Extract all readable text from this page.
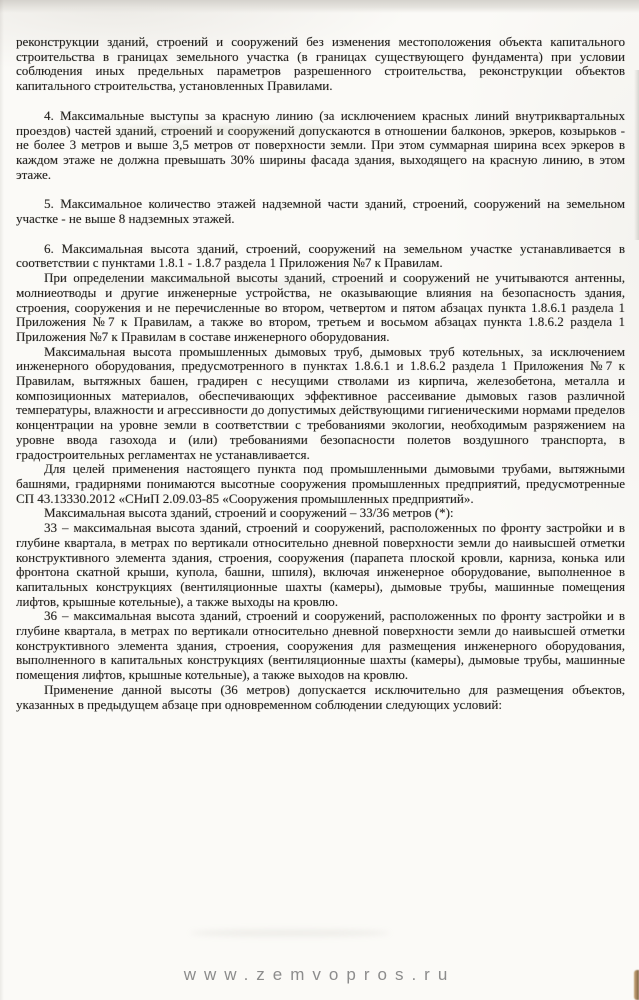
реконструкции зданий, строений и сооружений без изменения местоположения объекта капитального строительства в границах земельного участка (в границах существующего фундамента) при условии соблюдения иных предельных параметров разрешенного строительства, реконструкции объектов капитального строительства, установленных Правилами.

4. Максимальные выступы за красную линию (за исключением красных линий внутриквартальных проездов) частей зданий, строений и сооружений допускаются в отношении балконов, эркеров, козырьков - не более 3 метров и выше 3,5 метров от поверхности земли. При этом суммарная ширина всех эркеров в каждом этаже не должна превышать 30% ширины фасада здания, выходящего на красную линию, в этом этаже.

5. Максимальное количество этажей надземной части зданий, строений, сооружений на земельном участке - не выше 8 надземных этажей.

6. Максимальная высота зданий, строений, сооружений на земельном участке устанавливается в соответствии с пунктами 1.8.1 - 1.8.7 раздела 1 Приложения №7 к Правилам.

При определении максимальной высоты зданий, строений и сооружений не учитываются антенны, молниеотводы и другие инженерные устройства, не оказывающие влияния на безопасность здания, строения, сооружения и не перечисленные во втором, четвертом и пятом абзацах пункта 1.8.6.1 раздела 1 Приложения №7 к Правилам, а также во втором, третьем и восьмом абзацах пункта 1.8.6.2 раздела 1 Приложения №7 к Правилам в составе инженерного оборудования.

Максимальная высота промышленных дымовых труб, дымовых труб котельных, за исключением инженерного оборудования, предусмотренного в пунктах 1.8.6.1 и 1.8.6.2 раздела 1 Приложения №7 к Правилам, вытяжных башен, градирен с несущими стволами из кирпича, железобетона, металла и композиционных материалов, обеспечивающих эффективное рассеивание дымовых газов различной температуры, влажности и агрессивности до допустимых действующими гигиеническими нормами пределов концентрации на уровне земли в соответствии с требованиями экологии, необходимым разряжением на уровне ввода газохода и (или) требованиями безопасности полетов воздушного транспорта, в градостроительных регламентах не устанавливается.

Для целей применения настоящего пункта под промышленными дымовыми трубами, вытяжными башнями, градирнями понимаются высотные сооружения промышленных предприятий, предусмотренные СП 43.13330.2012 «СНиП 2.09.03-85 «Сооружения промышленных предприятий».

Максимальная высота зданий, строений и сооружений – 33/36 метров (*):

33 – максимальная высота зданий, строений и сооружений, расположенных по фронту застройки и в глубине квартала, в метрах по вертикали относительно дневной поверхности земли до наивысшей отметки конструктивного элемента здания, строения, сооружения (парапета плоской кровли, карниза, конька или фронтона скатной крыши, купола, башни, шпиля), включая инженерное оборудование, выполненное в капитальных конструкциях (вентиляционные шахты (камеры), дымовые трубы, машинные помещения лифтов, крышные котельные), а также выходы на кровлю.

36 – максимальная высота зданий, строений и сооружений, расположенных по фронту застройки и в глубине квартала, в метрах по вертикали относительно дневной поверхности земли до наивысшей отметки конструктивного элемента здания, строения, сооружения для размещения инженерного оборудования, выполненного в капитальных конструкциях (вентиляционные шахты (камеры), дымовые трубы, машинные помещения лифтов, крышные котельные), а также выходов на кровлю.

Применение данной высоты (36 метров) допускается исключительно для размещения объектов, указанных в предыдущем абзаце при одновременном соблюдении следующих условий:

www.zemvopros.ru
